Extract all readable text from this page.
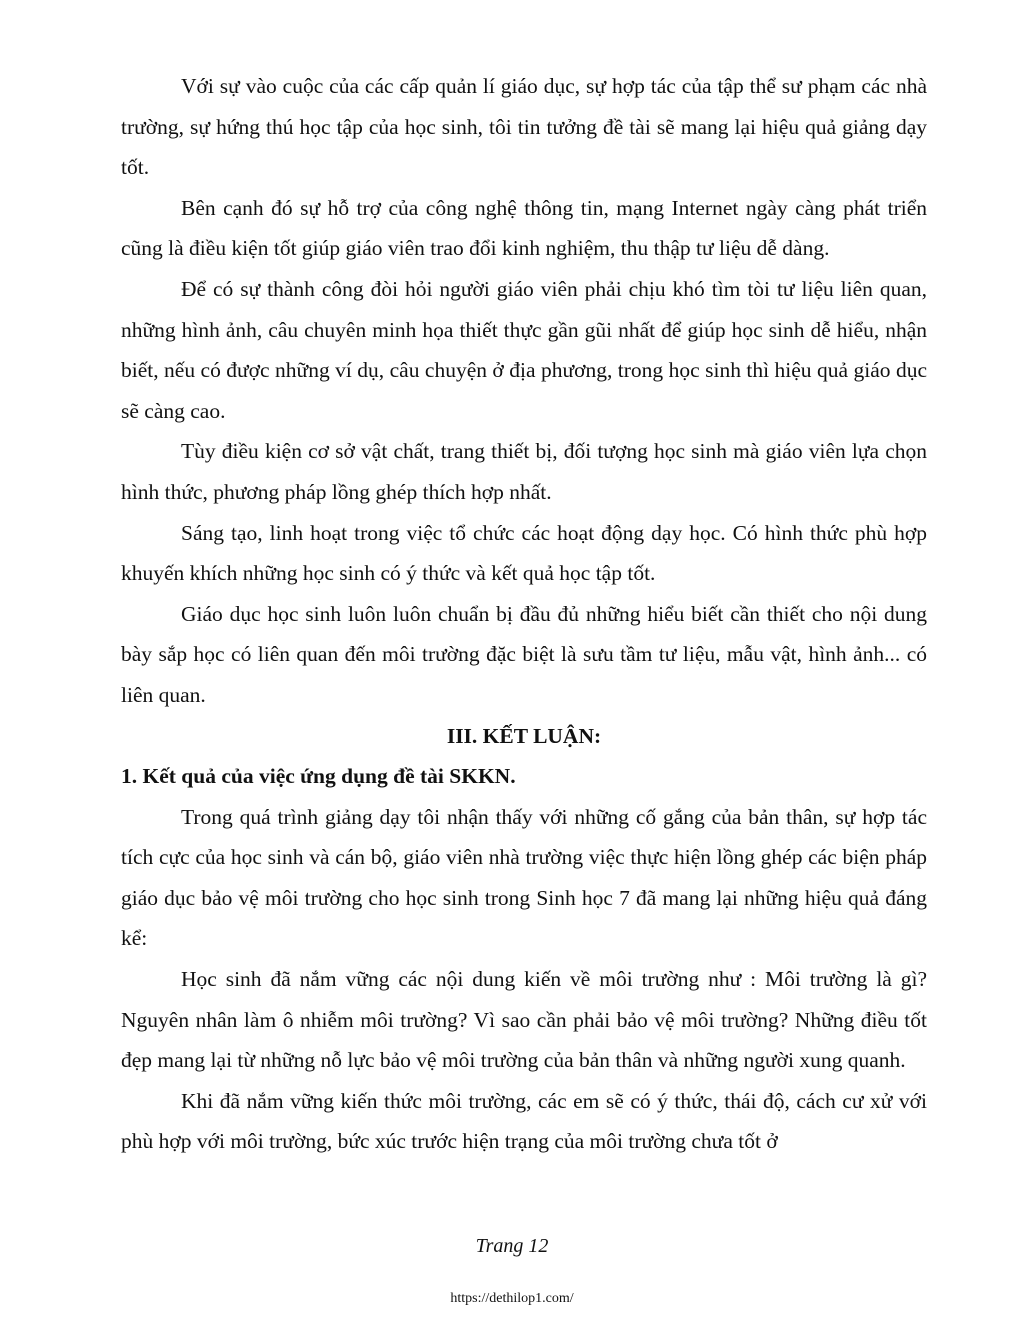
Với sự vào cuộc của các cấp quản lí giáo dục, sự hợp tác của tập thể sư phạm các nhà trường, sự hứng thú học tập của học sinh, tôi tin tưởng đề tài sẽ mang lại hiệu quả giảng dạy tốt.

Bên cạnh đó sự hỗ trợ của công nghệ thông tin, mạng Internet ngày càng phát triển cũng là điều kiện tốt giúp giáo viên trao đổi kinh nghiệm, thu thập tư liệu dễ dàng.

Để có sự thành công đòi hỏi người giáo viên phải chịu khó tìm tòi tư liệu liên quan, những hình ảnh, câu chuyên minh họa thiết thực gần gũi nhất để giúp học sinh dễ hiểu, nhận biết, nếu có được những ví dụ, câu chuyện ở địa phương, trong học sinh thì hiệu quả giáo dục sẽ càng cao.

Tùy điều kiện cơ sở vật chất, trang thiết bị, đối tượng học sinh mà giáo viên lựa chọn hình thức, phương pháp lồng ghép thích hợp nhất.

Sáng tạo, linh hoạt trong việc tổ chức các hoạt động dạy học. Có hình thức phù hợp khuyến khích những học sinh có ý thức và kết quả học tập tốt.

Giáo dục học sinh luôn luôn chuẩn bị đầu đủ những hiểu biết cần thiết cho nội dung bày sắp học có liên quan đến môi trường đặc biệt là sưu tầm tư liệu, mẫu vật, hình ảnh... có liên quan.

III. KẾT LUẬN:

1. Kết quả của việc ứng dụng đề tài SKKN.

Trong quá trình giảng dạy tôi nhận thấy với những cố gắng của bản thân, sự hợp tác tích cực của học sinh và cán bộ, giáo viên nhà trường việc thực hiện lồng ghép các biện pháp giáo dục bảo vệ môi trường cho học sinh trong Sinh học 7 đã mang lại những hiệu quả đáng kể:

Học sinh đã nắm vững các nội dung kiến về môi trường như : Môi trường là gì? Nguyên nhân làm ô nhiễm môi trường? Vì sao cần phải bảo vệ môi trường? Những điều tốt đẹp mang lại từ những nỗ lực bảo vệ môi trường của bản thân và những người xung quanh.

Khi đã nắm vững kiến thức môi trường, các em sẽ có ý thức, thái độ, cách cư xử với phù hợp với môi trường, bức xúc trước hiện trạng của môi trường chưa tốt ở

Trang 12
https://dethilop1.com/
